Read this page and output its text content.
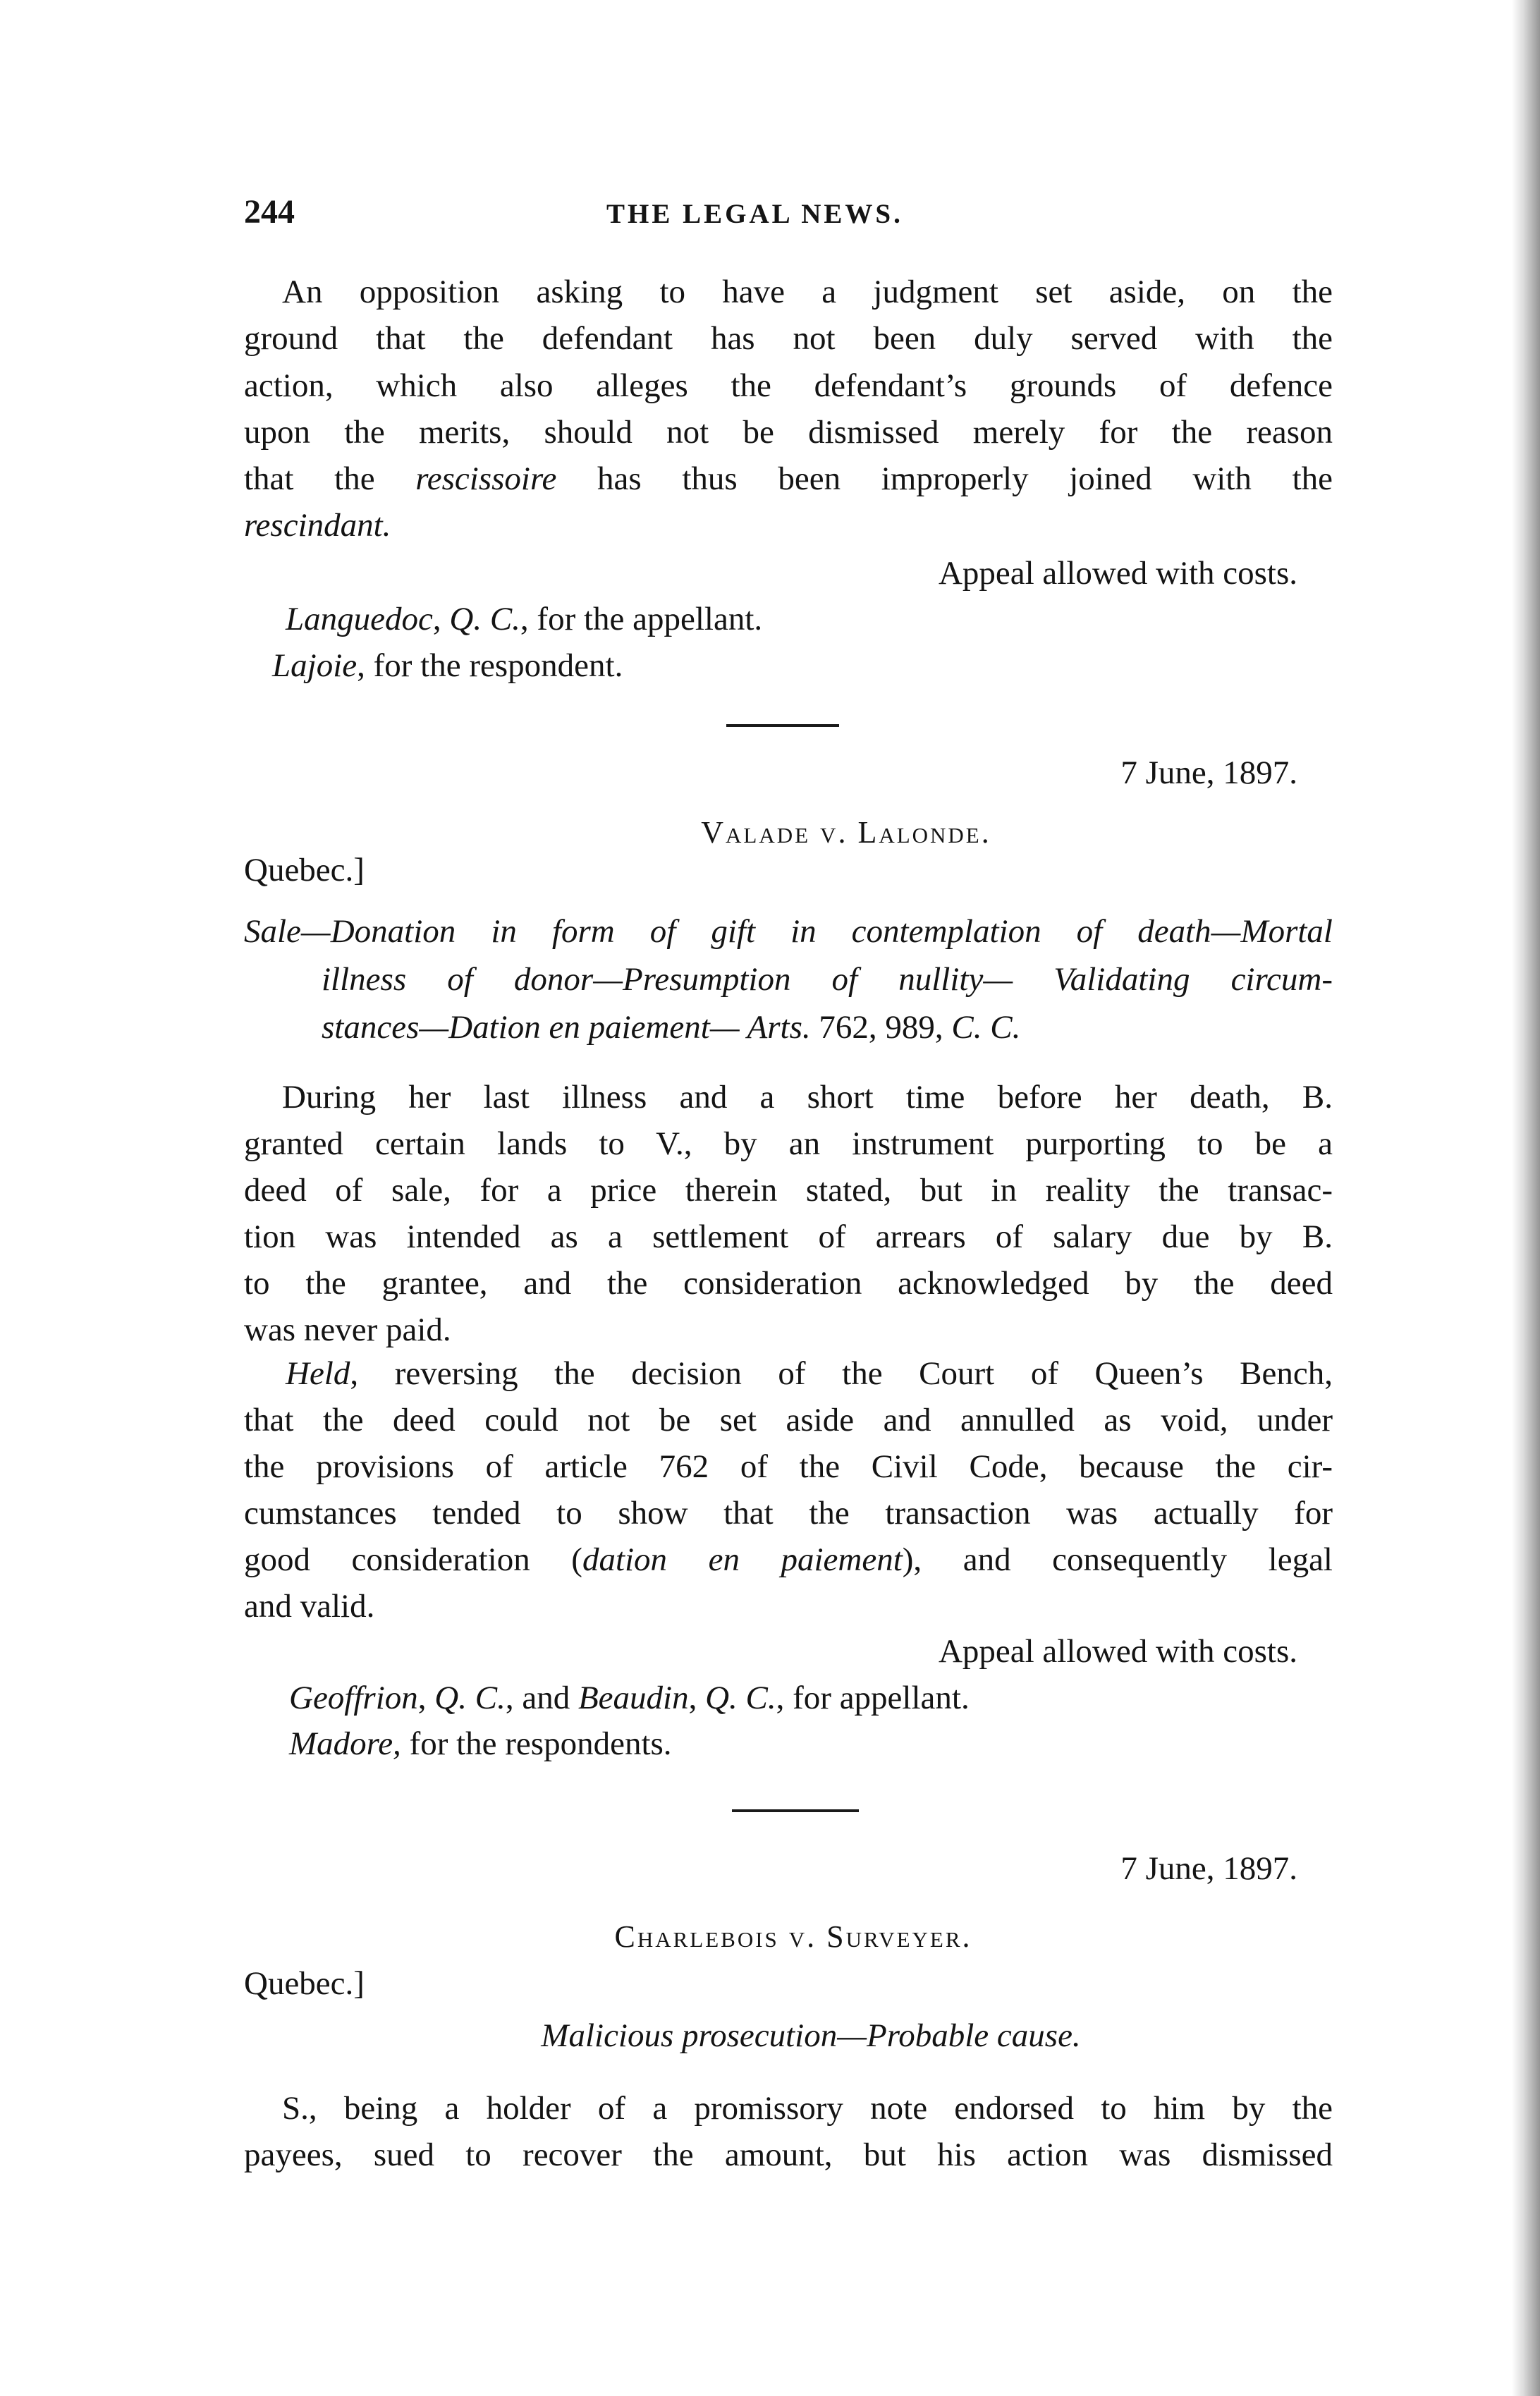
244	THE LEGAL NEWS.
An opposition asking to have a judgment set aside, on the
ground that the defendant has not been duly served with the
action, which also alleges the defendant’s grounds of defence
upon the merits, should not be dismissed merely for the reason
that the rescissoire has thus been improperly joined with the
rescindant.
Appeal allowed with costs.
Languedoc, Q. C., for the appellant.
Lajoie, for the respondent.
7 June, 1897.
Valade v. Lalonde.
Quebec.]
Sale—Donation in form of gift in contemplation of death—Mortal
illness of donor—Presumption of nullity— Validating circum-
stances—Dation en paiement— Arts. 762, 989, C. C.
During her last illness and a short time before her death, B.
granted certain lands to V., by an instrument purporting to be a
deed of sale, for a price therein stated, but in reality the transac-
tion was intended as a settlement of arrears of salary due by B.
to the grantee, and the consideration acknowledged by the deed
was never paid.
Held, reversing the decision of the Court of Queen’s Bench,
that the deed could not be set aside and annulled as void, under
the provisions of article 762 of the Civil Code, because the cir-
cumstances tended to show that the transaction was actually for
good consideration (dation en paiement), and consequently legal
and valid.
Appeal allowed with costs.
Geoffrion, Q. C., and Beaudin, Q. C., for appellant.
Madore, for the respondents.
7 June, 1897.
Charlebois v. Surveyer.
Quebec.]
Malicious prosecution—Probable cause.
S., being a holder of a promissory note endorsed to him by the
payees, sued to recover the amount, but his action was dismissed
